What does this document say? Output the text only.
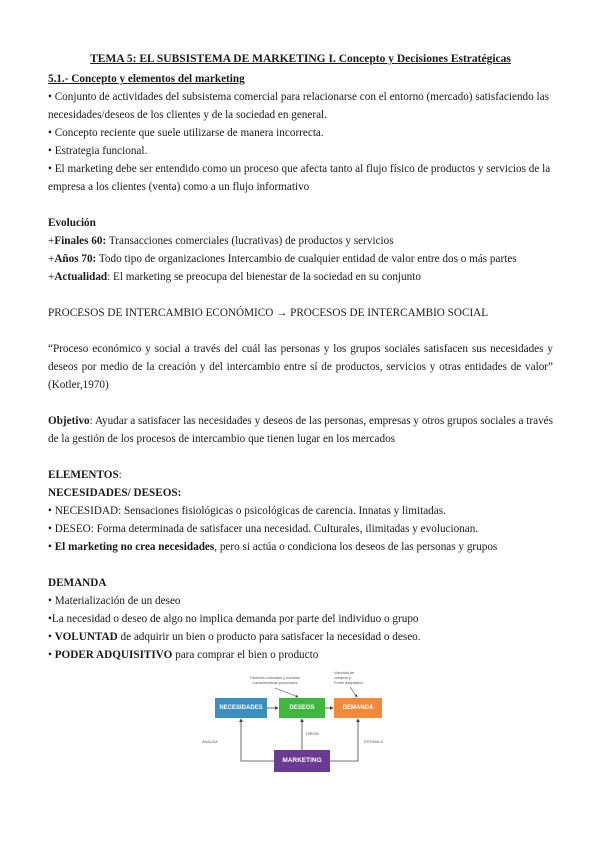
TEMA 5: EL SUBSISTEMA DE MARKETING I. Concepto y Decisiones Estratégicas

5.1.- Concepto y elementos del marketing

• Conjunto de actividades del subsistema comercial para relacionarse con el entorno (mercado) satisfaciendo las necesidades/deseos de los clientes y de la sociedad en general.

• Concepto reciente que suele utilizarse de manera incorrecta.

• Estrategia funcional.

• El marketing debe ser entendido como un proceso que afecta tanto al flujo físico de productos y servicios de la empresa a los clientes (venta) como a un flujo informativo

Evolución

+Finales 60: Transacciones comerciales (lucrativas) de productos y servicios

+Años 70: Todo tipo de organizaciones Intercambio de cualquier entidad de valor entre dos o más partes

+Actualidad: El marketing se preocupa del bienestar de la sociedad en su conjunto

PROCESOS DE INTERCAMBIO ECONÓMICO → PROCESOS DE INTERCAMBIO SOCIAL

“Proceso económico y social a través del cuál las personas y los grupos sociales satisfacen sus necesidades y deseos por medio de la creación y del intercambio entre sí de productos, servicios y otras entidades de valor” (Kotler,1970)

Objetivo: Ayudar a satisfacer las necesidades y deseos de las personas, empresas y otros grupos sociales a través de la gestión de los procesos de intercambio que tienen lugar en los mercados

ELEMENTOS:

NECESIDADES/ DESEOS:

• NECESIDAD: Sensaciones fisiológicas o psicológicas de carencia. Innatas y limitadas.

• DESEO: Forma determinada de satisfacer una necesidad. Culturales, ilimitadas y evolucionan.

• El marketing no crea necesidades, pero si actúa o condiciona los deseos de las personas y grupos

DEMANDA

• Materialización de un deseo

•La necesidad o deseo de algo no implica demanda por parte del individuo o grupo

• VOLUNTAD de adquirir un bien o producto para satisfacer la necesidad o deseo.

• PODER ADQUISITIVO para comprar el bien o producto

NECESIDADES	DESEOS	DEMANDA
MARKETING
Factores culturales y sociales
Características personales
Voluntad de
comprar y
Poder adquisitivo
ANALIZA
DIRIGE
ESTIMULA
